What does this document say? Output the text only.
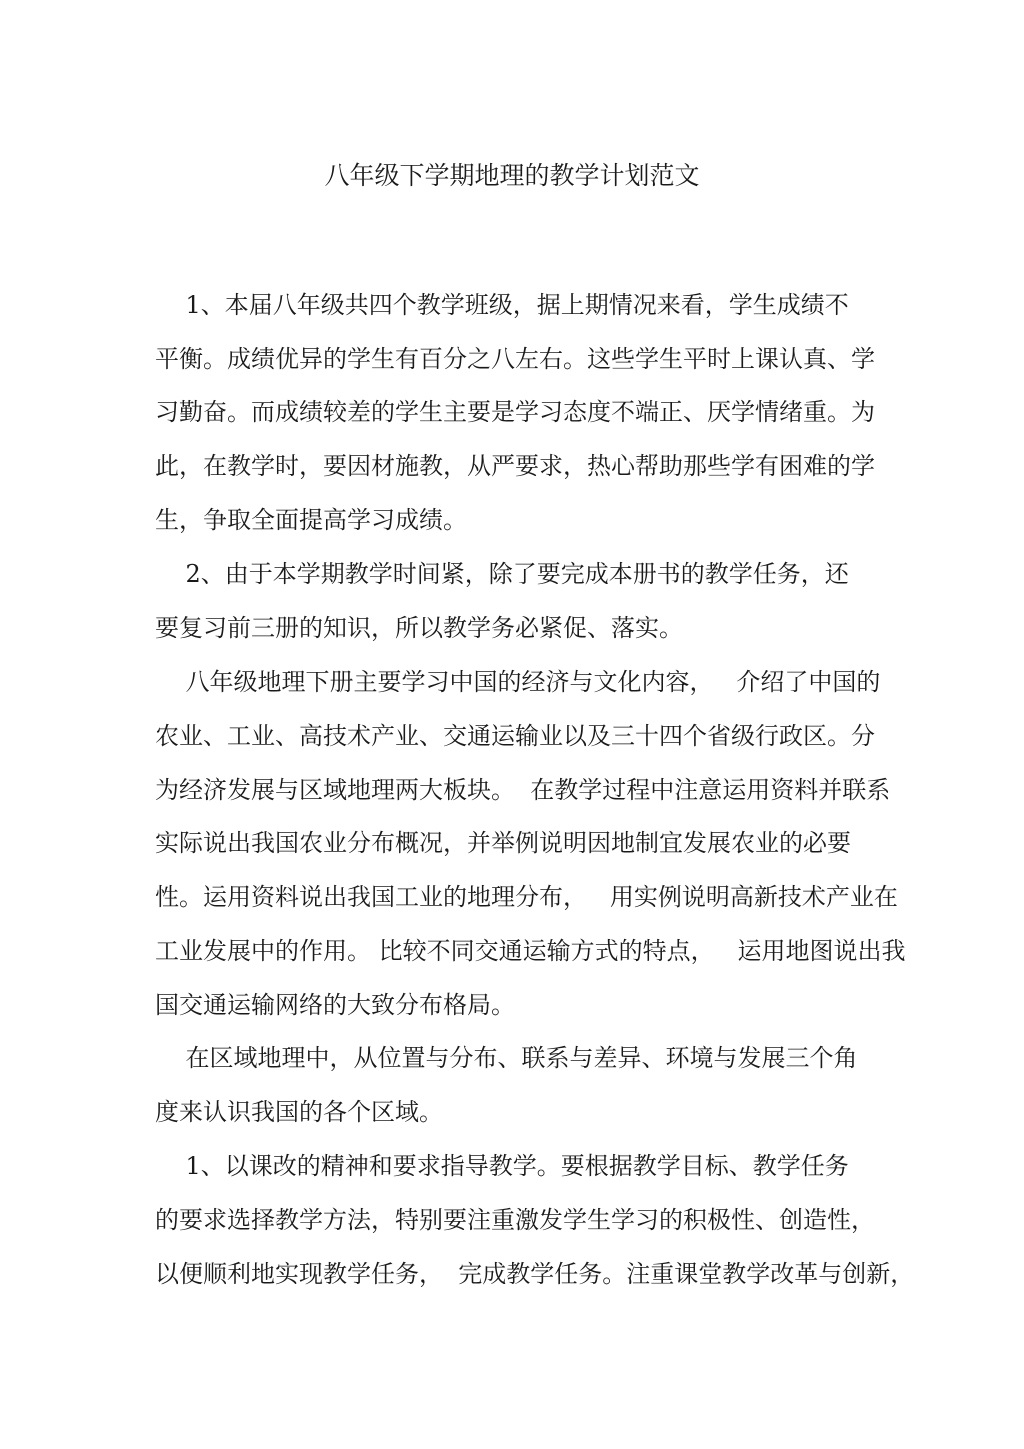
八年级下学期地理的教学计划范文
1、本届八年级共四个教学班级，据上期情况来看，学生成绩不
平衡。成绩优异的学生有百分之八左右。这些学生平时上课认真、学
习勤奋。而成绩较差的学生主要是学习态度不端正、厌学情绪重。为
此，在教学时，要因材施教，从严要求，热心帮助那些学有困难的学
生，争取全面提高学习成绩。
2、由于本学期教学时间紧，除了要完成本册书的教学任务，还
要复习前三册的知识，所以教学务必紧促、落实。
八年级地理下册主要学习中国的经济与文化内容，   介绍了中国的
农业、工业、高技术产业、交通运输业以及三十四个省级行政区。分
为经济发展与区域地理两大板块。  在教学过程中注意运用资料并联系
实际说出我国农业分布概况，并举例说明因地制宜发展农业的必要
性。运用资料说出我国工业的地理分布，   用实例说明高新技术产业在
工业发展中的作用。 比较不同交通运输方式的特点，   运用地图说出我
国交通运输网络的大致分布格局。
在区域地理中，从位置与分布、联系与差异、环境与发展三个角
度来认识我国的各个区域。
1、以课改的精神和要求指导教学。要根据教学目标、教学任务
的要求选择教学方法，特别要注重激发学生学习的积极性、创造性，
以便顺利地实现教学任务，  完成教学任务。注重课堂教学改革与创新，
